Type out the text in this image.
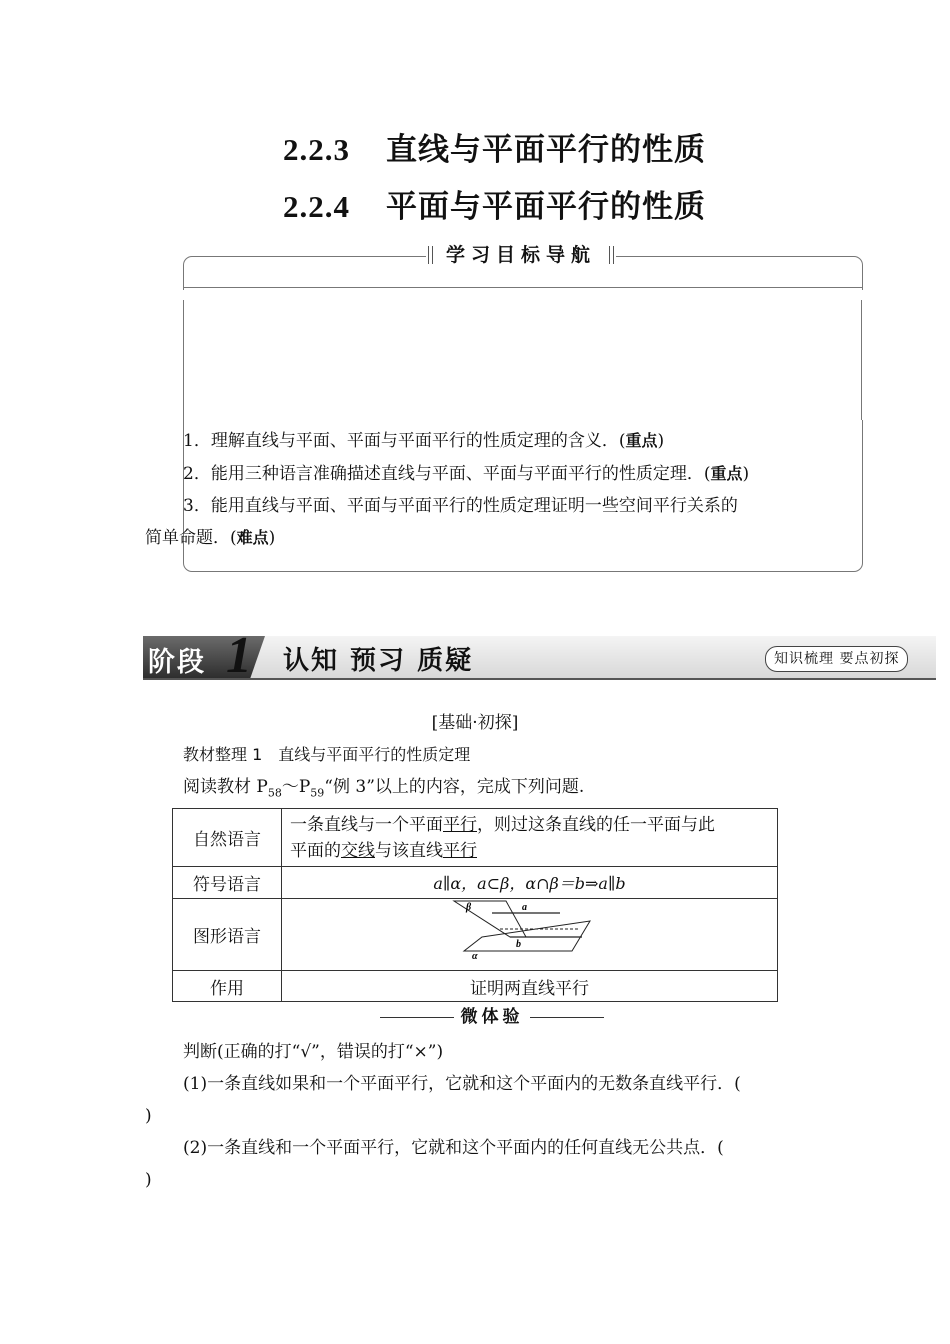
2.2.3 直线与平面平行的性质
2.2.4 平面与平面平行的性质
学习目标导航
1．理解直线与平面、平面与平面平行的性质定理的含义．(重点)
2．能用三种语言准确描述直线与平面、平面与平面平行的性质定理．(重点)
3．能用直线与平面、平面与平面平行的性质定理证明一些空间平行关系的
简单命题．(难点)
阶段 1 认知 预习 质疑	知识梳理 要点初探
[基础·初探]
教材整理 1　直线与平面平行的性质定理
阅读教材 $P_{58}\sim P_{59}“$例 3”以上的内容，完成下列问题.
自然语言	一条直线与一个平面平行，则过这条直线的任一平面与此
平面的交线与该直线平行
符号语言	a∥α，a⊂β，α∩β＝b⇒a∥b
图形语言	β a
b
α

作用	证明两直线平行
微体验
判断(正确的打“√”，错误的打“×”)
(1)一条直线如果和一个平面平行，它就和这个平面内的无数条直线平行．(
)
(2)一条直线和一个平面平行，它就和这个平面内的任何直线无公共点．(
)
